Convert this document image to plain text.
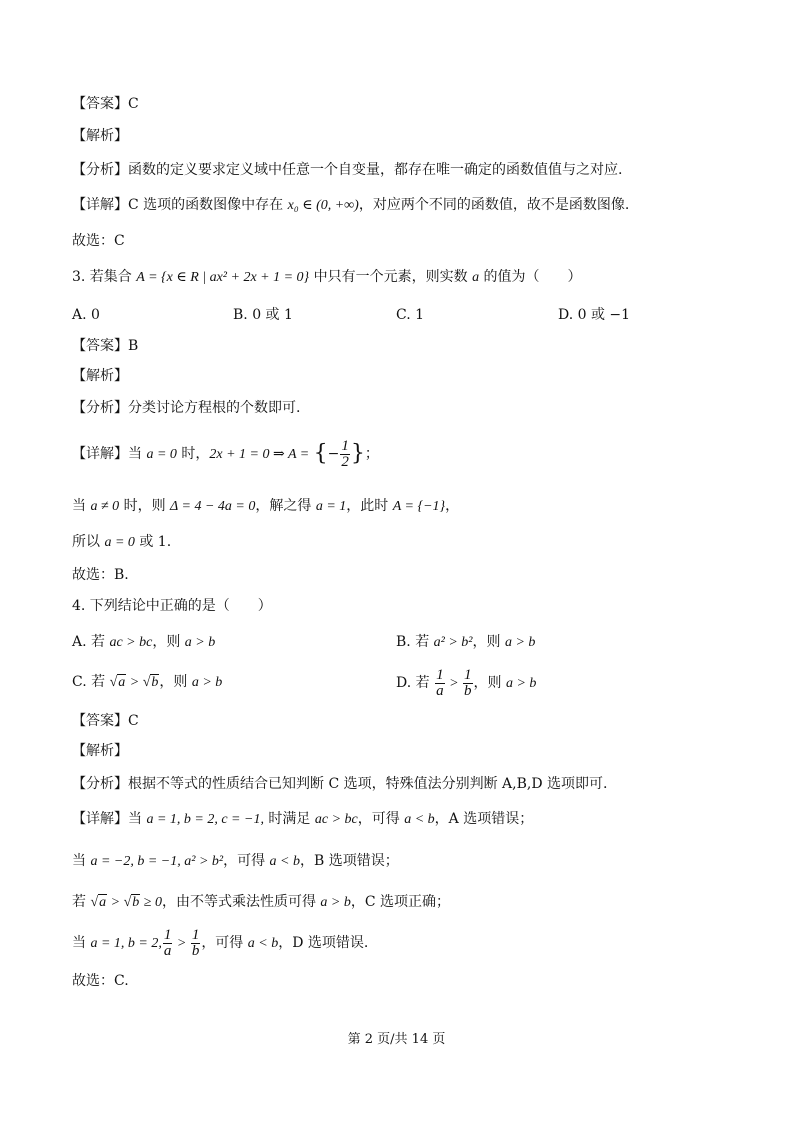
【答案】C
【解析】
【分析】函数的定义要求定义域中任意一个自变量，都存在唯一确定的函数值值与之对应.
【详解】C 选项的函数图像中存在 x₀ ∈ (0, +∞)，对应两个不同的函数值，故不是函数图像.
故选：C
3. 若集合 A = {x ∈ R | ax² + 2x + 1 = 0} 中只有一个元素，则实数 a 的值为（　　）
A. 0	B. 0 或 1	C. 1	D. 0 或 −1
【答案】B
【解析】
【分析】分类讨论方程根的个数即可.
【详解】当 a = 0 时，2x + 1 = 0 ⇒ A = {− $\frac{1}{2}$ }；
当 a ≠ 0 时，则 Δ = 4 − 4a = 0，解之得 a = 1，此时 A = {−1}，
所以 a = 0 或 1.
故选：B.
4. 下列结论中正确的是（　　）
A. 若 ac > bc，则 a > b	B. 若 a² > b²，则 a > b
C. 若 √a > √b，则 a > b	D. 若 $\frac{1}{a} > \frac{1}{b}$ ，则 a > b
【答案】C
【解析】
【分析】根据不等式的性质结合已知判断 C 选项，特殊值法分别判断 A,B,D 选项即可.
【详解】当 a = 1, b = 2, c = −1, 时满足 ac > bc，可得 a < b，A 选项错误；
当 a = −2, b = −1, a² > b²，可得 a < b，B 选项错误；
若 √a > √b ≥ 0，由不等式乘法性质可得 a > b，C 选项正确；
当 a = 1, b = 2, $\frac{1}{a} > \frac{1}{b}$ ，可得 a < b，D 选项错误.
故选：C.
第 2 页/共 14 页
